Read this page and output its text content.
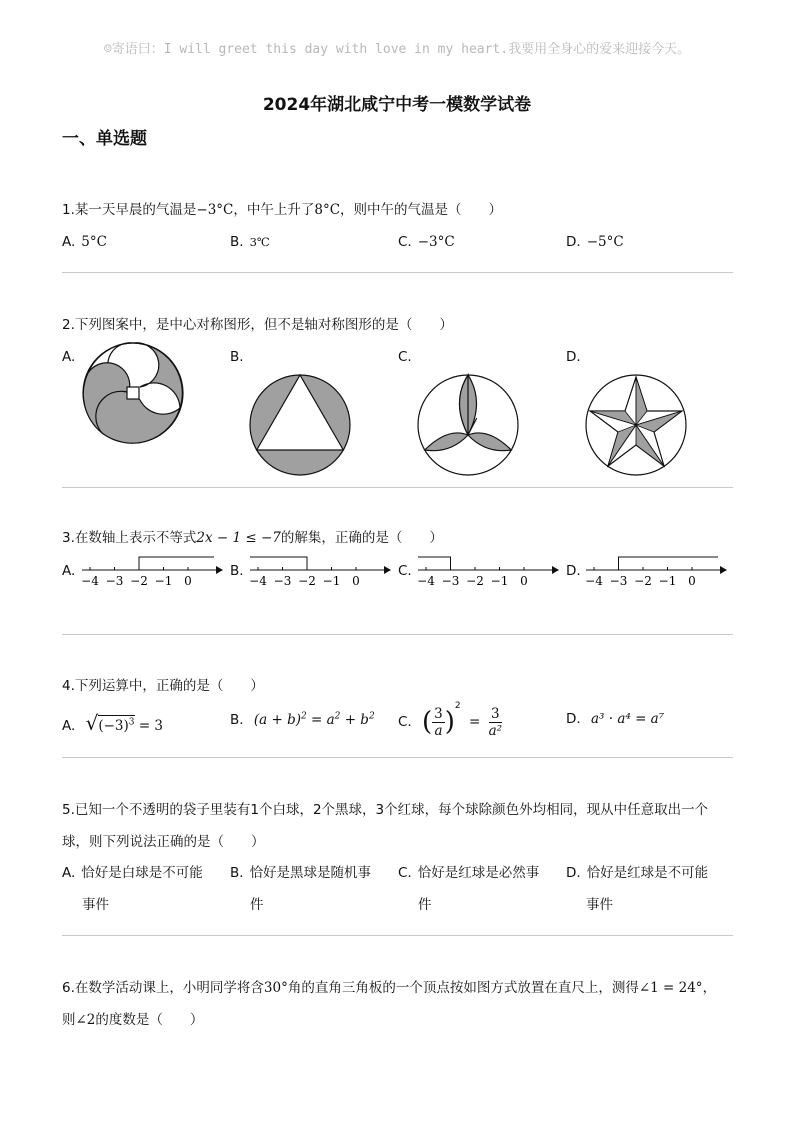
☺寄语曰：I will greet this day with love in my heart.我要用全身心的爱来迎接今天。
2024年湖北咸宁中考一模数学试卷
一、单选题
1.某一天早晨的气温是−3°C，中午上升了8°C，则中午的气温是（　　）
A. 5°C	B. 3℃	C. −3°C	D. −5°C
2.下列图案中，是中心对称图形，但不是轴对称图形的是（　　）
A.	B.	C.	D.
3.在数轴上表示不等式2x − 1 ≤ −7的解集，正确的是（　　）
A.	B.	C.	D.
−4 −3 −2 −1 0	−4 −3 −2 −1 0	−4 −3 −2 −1 0	−4 −3 −2 −1 0
4.下列运算中，正确的是（　　）
A. $√(-3)^3 = 3$	B. $(a + b)^2 = a^2 + b^2$ C. ( $\frac{3}{a} )^2 = \frac{3}{\text{a²}}$	D. a³ · a⁴ = a⁷
5.已知一个不透明的袋子里装有1个白球，2个黑球，3个红球，每个球除颜色外均相同，现从中任意取出一个
球，则下列说法正确的是（　　）
A. 恰好是白球是不可能
事件
B. 恰好是黑球是随机事
件
C. 恰好是红球是必然事
件
D. 恰好是红球是不可能
事件
6.在数学活动课上，小明同学将含30°角的直角三角板的一个顶点按如图方式放置在直尺上，测得∠1 = 24°，
则∠2的度数是（　　）
